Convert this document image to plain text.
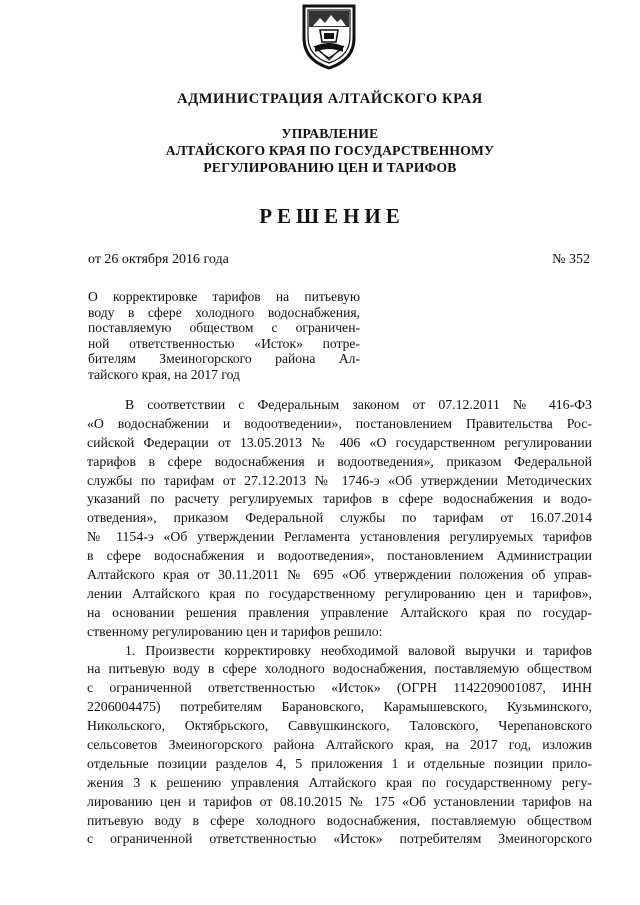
АДМИНИСТРАЦИЯ АЛТАЙСКОГО КРАЯ
УПРАВЛЕНИЕ
АЛТАЙСКОГО КРАЯ ПО ГОСУДАРСТВЕННОМУ
РЕГУЛИРОВАНИЮ ЦЕН И ТАРИФОВ
РЕШЕНИЕ
от 26 октября 2016 года	№ 352
О корректировке тарифов на питьевую
воду в сфере холодного водоснабжения,
поставляемую обществом с ограничен-
ной ответственностью «Исток» потре-
бителям Змеиногорского района Ал-
тайского края, на 2017 год
В соответствии с Федеральным законом от 07.12.2011 № 416-ФЗ
«О водоснабжении и водоотведении», постановлением Правительства Рос-
сийской Федерации от 13.05.2013 № 406 «О государственном регулировании
тарифов в сфере водоснабжения и водоотведения», приказом Федеральной
службы по тарифам от 27.12.2013 № 1746-э «Об утверждении Методических
указаний по расчету регулируемых тарифов в сфере водоснабжения и водо-
отведения», приказом Федеральной службы по тарифам от 16.07.2014
№ 1154-э «Об утверждении Регламента установления регулируемых тарифов
в сфере водоснабжения и водоотведения», постановлением Администрации
Алтайского края от 30.11.2011 № 695 «Об утверждении положения об управ-
лении Алтайского края по государственному регулированию цен и тарифов»,
на основании решения правления управление Алтайского края по государ-
ственному регулированию цен и тарифов решило:
1. Произвести корректировку необходимой валовой выручки и тарифов
на питьевую воду в сфере холодного водоснабжения, поставляемую обществом
с ограниченной ответственностью «Исток» (ОГРН 1142209001087, ИНН
2206004475) потребителям Барановского, Карамышевского, Кузьминского,
Никольского, Октябрьского, Саввушкинского, Таловского, Черепановского
сельсоветов Змеиногорского района Алтайского края, на 2017 год, изложив
отдельные позиции разделов 4, 5 приложения 1 и отдельные позиции прило-
жения 3 к решению управления Алтайского края по государственному регу-
лированию цен и тарифов от 08.10.2015 № 175 «Об установлении тарифов на
питьевую воду в сфере холодного водоснабжения, поставляемую обществом
с ограниченной ответственностью «Исток» потребителям Змеиногорского
